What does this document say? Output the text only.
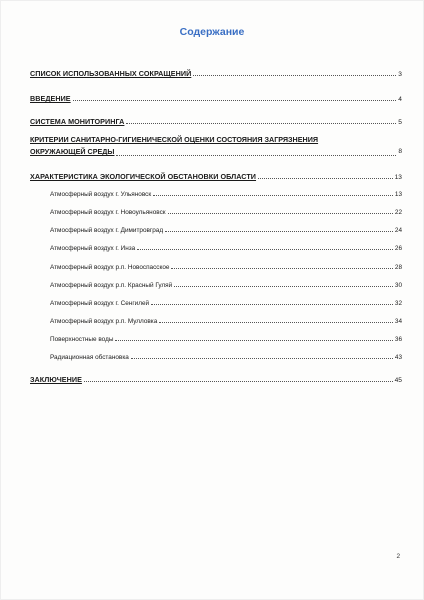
Содержание
СПИСОК ИСПОЛЬЗОВАННЫХ СОКРАЩЕНИЙ	3
ВВЕДЕНИЕ	4
СИСТЕМА МОНИТОРИНГА	5
КРИТЕРИИ САНИТАРНО-ГИГИЕНИЧЕСКОЙ ОЦЕНКИ СОСТОЯНИЯ ЗАГРЯЗНЕНИЯ
ОКРУЖАЮЩЕЙ СРЕДЫ	8
ХАРАКТЕРИСТИКА ЭКОЛОГИЧЕСКОЙ ОБСТАНОВКИ ОБЛАСТИ	13
Атмосферный воздух г. Ульяновск	13
Атмосферный воздух г. Новоульяновск	22
Атмосферный воздух г. Димитровград	24
Атмосферный воздух г. Инза	26
Атмосферный воздух р.п. Новоспасское	28
Атмосферный воздух р.п. Красный Гуляй	30
Атмосферный воздух г. Сенгилей	32
Атмосферный воздух р.п. Мулловка	34
Поверхностные воды	36
Радиационная обстановка	43
ЗАКЛЮЧЕНИЕ	45
2
